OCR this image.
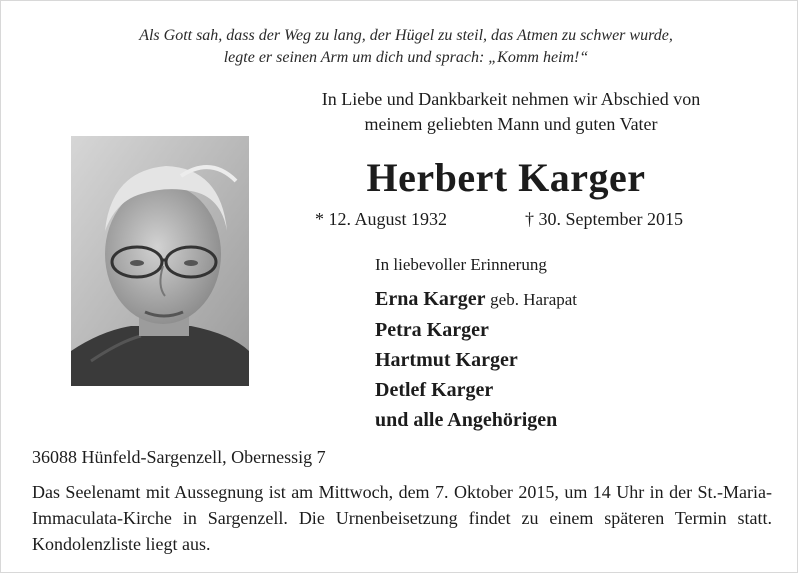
Als Gott sah, dass der Weg zu lang, der Hügel zu steil, das Atmen zu schwer wurde,
legte er seinen Arm um dich und sprach: „Komm heim!“
In Liebe und Dankbarkeit nehmen wir Abschied von
meinem geliebten Mann und guten Vater
Herbert Karger
* 12. August 1932	† 30. September 2015
In liebevoller Erinnerung
Erna Karger geb. Harapat
Petra Karger
Hartmut Karger
Detlef Karger
und alle Angehörigen
36088 Hünfeld-Sargenzell, Obernessig 7
Das Seelenamt mit Aussegnung ist am Mittwoch, dem 7. Oktober 2015, um 14 Uhr in der St.-Maria-Immaculata-Kirche in Sargenzell. Die Urnenbeisetzung findet zu einem späteren Termin statt. Kondolenzliste liegt aus.
